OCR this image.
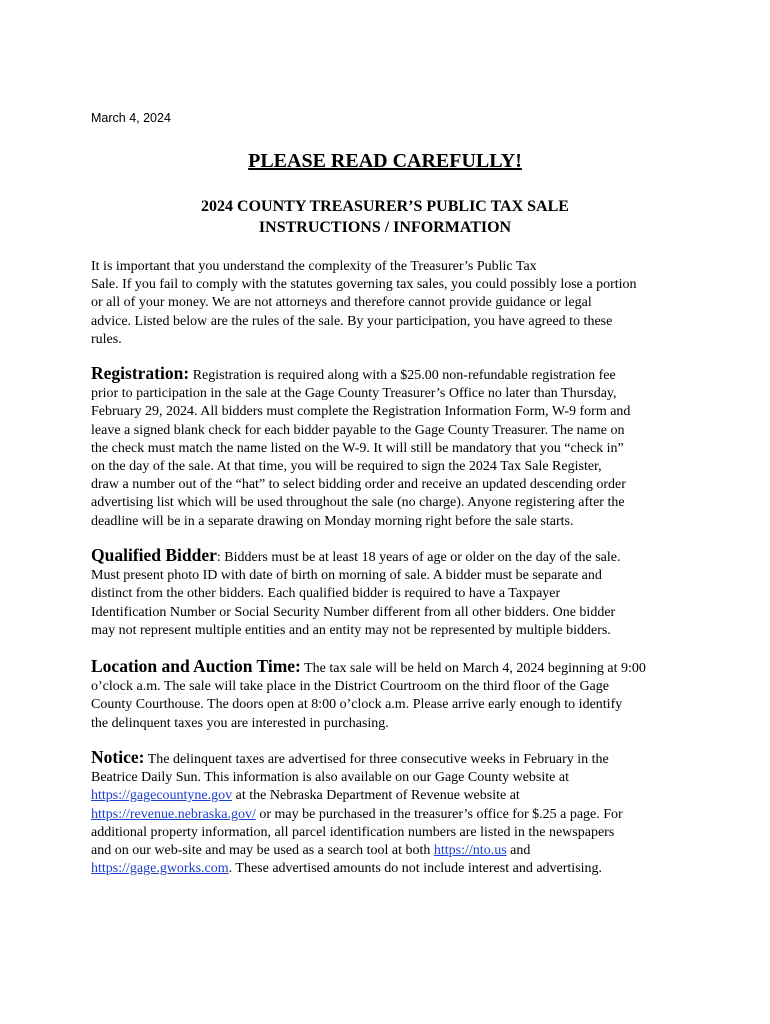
March 4, 2024
PLEASE READ CAREFULLY!
2024 COUNTY TREASURER’S PUBLIC TAX SALE
INSTRUCTIONS / INFORMATION
It is important that you understand the complexity of the Treasurer’s Public Tax
Sale. If you fail to comply with the statutes governing tax sales, you could possibly lose a portion
or all of your money. We are not attorneys and therefore cannot provide guidance or legal
advice. Listed below are the rules of the sale. By your participation, you have agreed to these
rules.
Registration: Registration is required along with a $25.00 non-refundable registration fee
prior to participation in the sale at the Gage County Treasurer’s Office no later than Thursday,
February 29, 2024. All bidders must complete the Registration Information Form, W-9 form and
leave a signed blank check for each bidder payable to the Gage County Treasurer. The name on
the check must match the name listed on the W-9. It will still be mandatory that you “check in”
on the day of the sale. At that time, you will be required to sign the 2024 Tax Sale Register,
draw a number out of the “hat” to select bidding order and receive an updated descending order
advertising list which will be used throughout the sale (no charge). Anyone registering after the
deadline will be in a separate drawing on Monday morning right before the sale starts.
Qualified Bidder: Bidders must be at least 18 years of age or older on the day of the sale.
Must present photo ID with date of birth on morning of sale. A bidder must be separate and
distinct from the other bidders. Each qualified bidder is required to have a Taxpayer
Identification Number or Social Security Number different from all other bidders. One bidder
may not represent multiple entities and an entity may not be represented by multiple bidders.
Location and Auction Time: The tax sale will be held on March 4, 2024 beginning at 9:00
o’clock a.m. The sale will take place in the District Courtroom on the third floor of the Gage
County Courthouse. The doors open at 8:00 o’clock a.m. Please arrive early enough to identify
the delinquent taxes you are interested in purchasing.
Notice: The delinquent taxes are advertised for three consecutive weeks in February in the
Beatrice Daily Sun. This information is also available on our Gage County website at
https://gagecountyne.gov at the Nebraska Department of Revenue website at
https://revenue.nebraska.gov/ or may be purchased in the treasurer’s office for $.25 a page. For
additional property information, all parcel identification numbers are listed in the newspapers
and on our web-site and may be used as a search tool at both https://nto.us and
https://gage.gworks.com. These advertised amounts do not include interest and advertising.
